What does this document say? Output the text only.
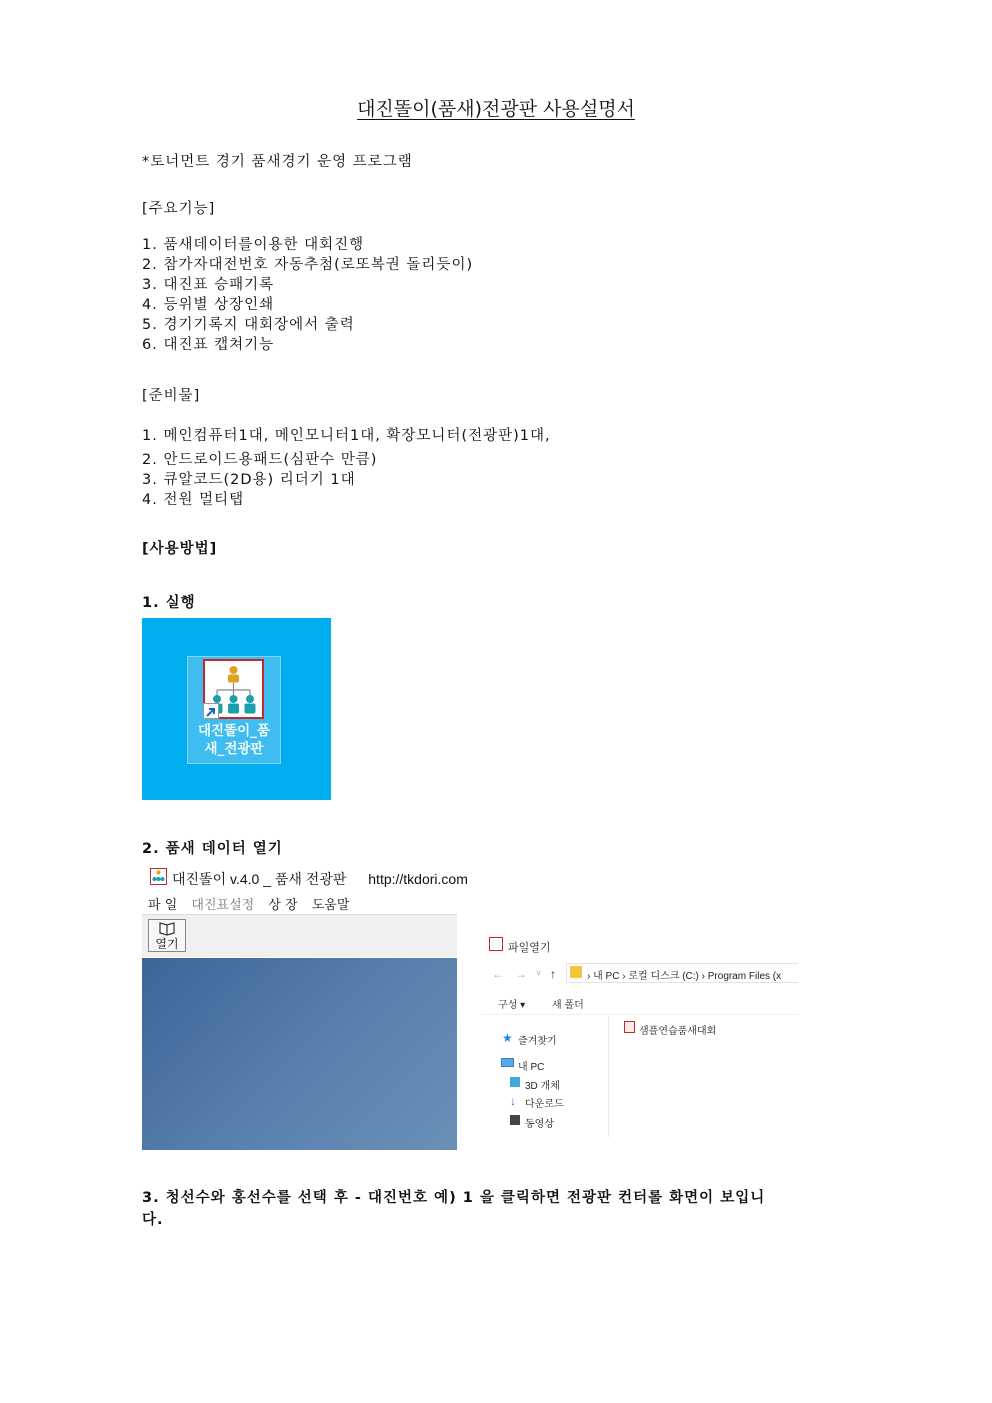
대진똘이(품새)전광판 사용설명서
*토너먼트 경기 품새경기 운영 프로그램
[주요기능]
1. 품새데이터를이용한 대회진행
2. 참가자대전번호 자동추첨(로또복권 돌리듯이)
3. 대진표 승패기록
4. 등위별 상장인쇄
5. 경기기록지 대회장에서 출력
6. 대진표 캡쳐기능
[준비물]
1. 메인컴퓨터1대, 메인모니터1대, 확장모니터(전광판)1대,
2. 안드로이드용패드(심판수 만큼)
3. 큐알코드(2D용) 리더기 1대
4. 전원 멀티탭
[사용방법]
1. 실행
대진똘이_품
새_전광판
2. 품새 데이터 열기
대진똘이 v.4.0 _ 품새 전광판 http://tkdori.com
파 일 대진표설정 상 장 도움말
열기	파일열기
← → ˅ ↑	› 내 PC › 로컬 디스크 (C:) › Program Files (x
구성 ▾	새 폴더
★ 즐겨찾기
내 PC
3D 개체
↓ 다운로드
동영상
샘플연습품새대회
3. 청선수와 홍선수를 선택 후 - 대진번호 예) 1 을 클릭하면 전광판 컨터롤 화면이 보입니
다.
